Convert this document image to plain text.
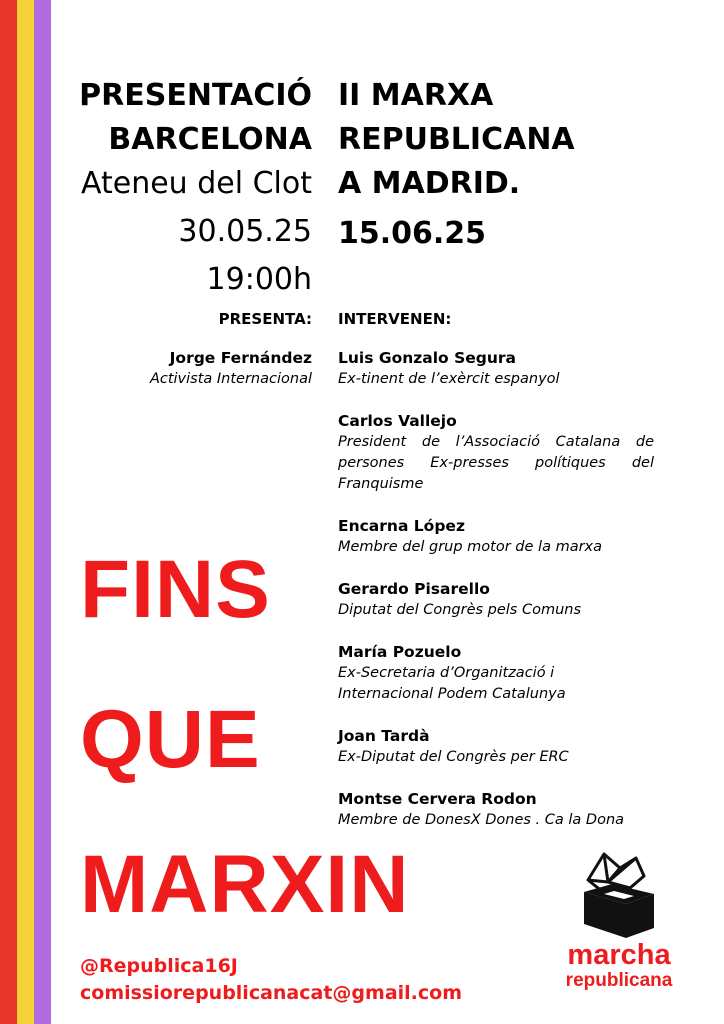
PRESENTACIÓ
BARCELONA
Ateneu del Clot
30.05.25
19:00h
II MARXA
REPUBLICANA
A MADRID.
15.06.25
PRESENTA: INTERVENEN:
Jorge Fernández
Activista Internacional
Luis Gonzalo Segura
Ex-tinent de l’exèrcit espanyol
Carlos Vallejo
President de l’Associació Catalana de persones Ex-presses polítiques del Franquisme
Encarna López
Membre del grup motor de la marxa
Gerardo Pisarello
Diputat del Congrès pels Comuns
María Pozuelo
Ex-Secretaria d’Organització i Internacional Podem Catalunya
Joan Tardà
Ex-Diputat del Congrès per ERC
Montse Cervera Rodon
Membre de DonesX Dones . Ca la Dona
FINS
QUE
MARXIN
@Republica16J
comissiorepublicanacat@gmail.com
marcha
republicana
